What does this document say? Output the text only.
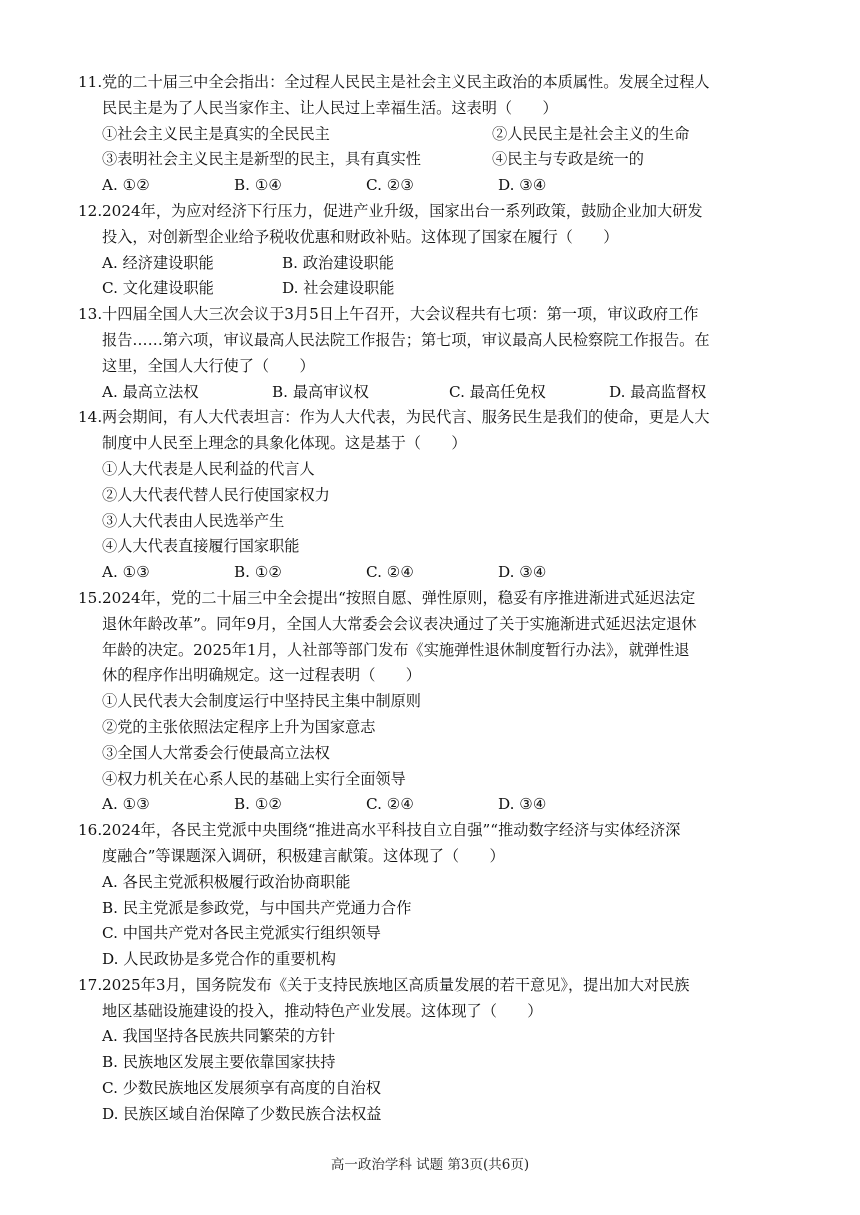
11.党的二十届三中全会指出：全过程人民民主是社会主义民主政治的本质属性。发展全过程人
民民主是为了人民当家作主、让人民过上幸福生活。这表明（　　）
①社会主义民主是真实的全民民主	②人民民主是社会主义的生命
③表明社会主义民主是新型的民主，具有真实性	④民主与专政是统一的
A. ①②	B. ①④	C. ②③	D. ③④
12.2024年，为应对经济下行压力，促进产业升级，国家出台一系列政策，鼓励企业加大研发
投入，对创新型企业给予税收优惠和财政补贴。这体现了国家在履行（　　）
A. 经济建设职能	B. 政治建设职能
C. 文化建设职能	D. 社会建设职能
13.十四届全国人大三次会议于3月5日上午召开，大会议程共有七项：第一项，审议政府工作
报告……第六项，审议最高人民法院工作报告；第七项，审议最高人民检察院工作报告。在
这里，全国人大行使了（　　）
A. 最高立法权	B. 最高审议权	C. 最高任免权	D. 最高监督权
14.两会期间，有人大代表坦言：作为人大代表，为民代言、服务民生是我们的使命，更是人大
制度中人民至上理念的具象化体现。这是基于（　　）
①人大代表是人民利益的代言人
②人大代表代替人民行使国家权力
③人大代表由人民选举产生
④人大代表直接履行国家职能
A. ①③	B. ①②	C. ②④	D. ③④
15.2024年，党的二十届三中全会提出“按照自愿、弹性原则，稳妥有序推进渐进式延迟法定
退休年龄改革”。同年9月，全国人大常委会会议表决通过了关于实施渐进式延迟法定退休
年龄的决定。2025年1月，人社部等部门发布《实施弹性退休制度暂行办法》，就弹性退
休的程序作出明确规定。这一过程表明（　　）
①人民代表大会制度运行中坚持民主集中制原则
②党的主张依照法定程序上升为国家意志
③全国人大常委会行使最高立法权
④权力机关在心系人民的基础上实行全面领导
A. ①③	B. ①②	C. ②④	D. ③④
16.2024年，各民主党派中央围绕“推进高水平科技自立自强”“推动数字经济与实体经济深
度融合”等课题深入调研，积极建言献策。这体现了（　　）
A. 各民主党派积极履行政治协商职能
B. 民主党派是参政党，与中国共产党通力合作
C. 中国共产党对各民主党派实行组织领导
D. 人民政协是多党合作的重要机构
17.2025年3月，国务院发布《关于支持民族地区高质量发展的若干意见》，提出加大对民族
地区基础设施建设的投入，推动特色产业发展。这体现了（　　）
A. 我国坚持各民族共同繁荣的方针
B. 民族地区发展主要依靠国家扶持
C. 少数民族地区发展须享有高度的自治权
D. 民族区域自治保障了少数民族合法权益
高一政治学科 试题 第3页(共6页)
